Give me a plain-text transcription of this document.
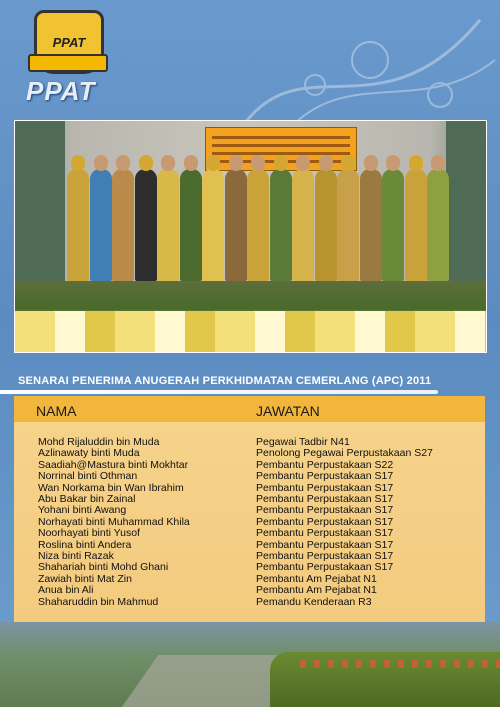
PPAT
PPAT
SENARAI PENERIMA ANUGERAH PERKHIDMATAN CEMERLANG (APC) 2011
NAMA	JAWATAN
Mohd Rijaluddin bin Muda	Pegawai Tadbir N41
Azlinawaty binti Muda	Penolong Pegawai Perpustakaan S27
Saadiah@Mastura binti Mokhtar	Pembantu Perpustakaan S22
Norrinal binti Othman	Pembantu Perpustakaan S17
Wan Norkama bin Wan Ibrahim	Pembantu Perpustakaan S17
Abu Bakar bin Zainal	Pembantu Perpustakaan S17
Yohani binti Awang	Pembantu Perpustakaan S17
Norhayati binti Muhammad Khila	Pembantu Perpustakaan S17
Noorhayati binti Yusof	Pembantu Perpustakaan S17
Roslina binti Andera	Pembantu Perpustakaan S17
Niza binti Razak	Pembantu Perpustakaan S17
Shahariah binti Mohd Ghani	Pembantu Perpustakaan S17
Zawiah binti Mat Zin	Pembantu Am Pejabat N1
Anua bin Ali	Pembantu Am Pejabat N1
Shaharuddin bin Mahmud	Pemandu Kenderaan R3
